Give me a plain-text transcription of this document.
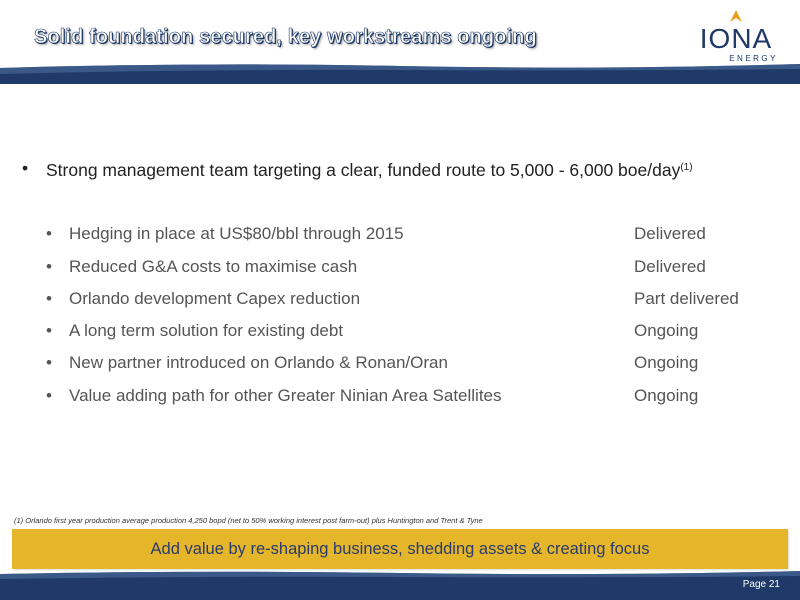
Solid foundation secured, key workstreams ongoing	IONA
ENERGY
• Strong management team targeting a clear, funded route to 5,000 - 6,000 boe/day$^{(1)}$
• Hedging in place at US$80/bbl through 2015	Delivered
• Reduced G&A costs to maximise cash	Delivered
• Orlando development Capex reduction	Part delivered
• A long term solution for existing debt	Ongoing
• New partner introduced on Orlando & Ronan/Oran	Ongoing
• Value adding path for other Greater Ninian Area Satellites	Ongoing
(1) Orlando first year production average production 4,250 bopd (net to 50% working interest post farm-out) plus Huntington and Trent & Tyne
Add value by re-shaping business, shedding assets & creating focus
Page 21
